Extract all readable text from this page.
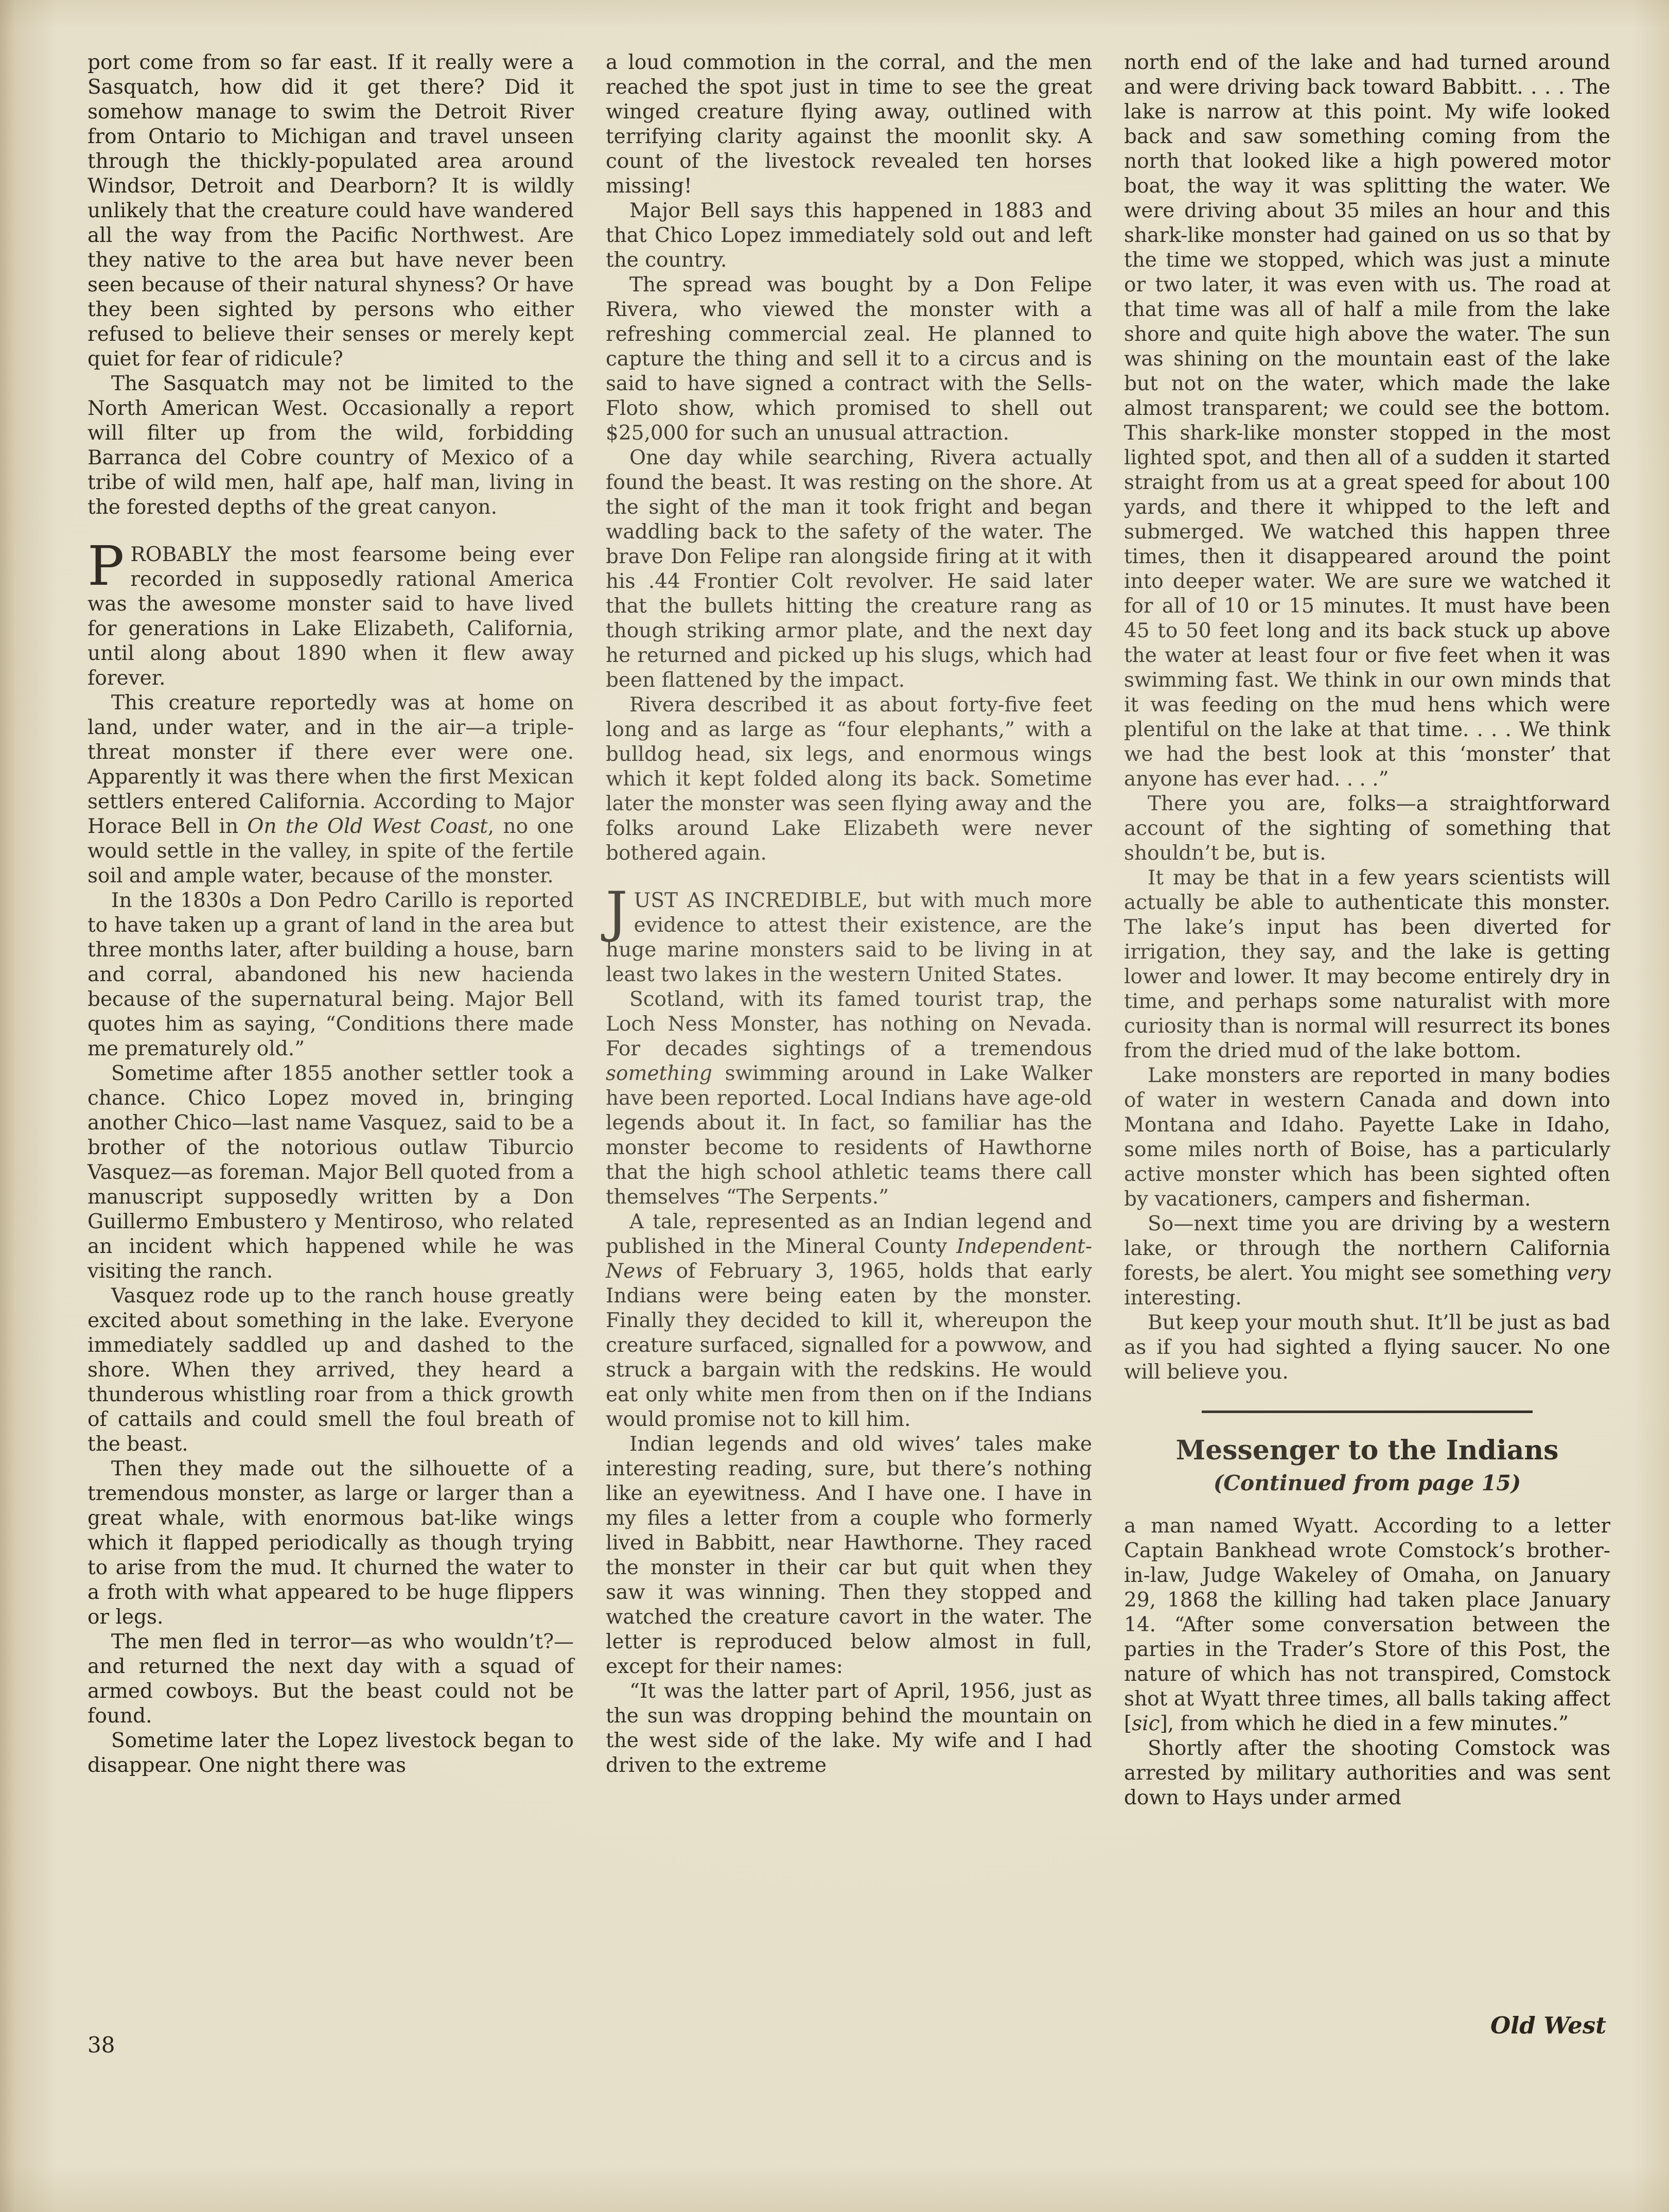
port come from so far east. If it really were a Sasquatch, how did it get there? Did it somehow manage to swim the Detroit River from Ontario to Michigan and travel unseen through the thickly-populated area around Windsor, Detroit and Dearborn? It is wildly unlikely that the creature could have wandered all the way from the Pacific Northwest. Are they native to the area but have never been seen because of their natural shyness? Or have they been sighted by persons who either refused to believe their senses or merely kept quiet for fear of ridicule?

The Sasquatch may not be limited to the North American West. Occasionally a report will filter up from the wild, forbidding Barranca del Cobre country of Mexico of a tribe of wild men, half ape, half man, living in the forested depths of the great canyon.

PROBABLY the most fearsome being ever recorded in supposedly rational America was the awesome monster said to have lived for generations in Lake Elizabeth, California, until along about 1890 when it flew away forever.

This creature reportedly was at home on land, under water, and in the air—a triple-threat monster if there ever were one. Apparently it was there when the first Mexican settlers entered California. According to Major Horace Bell in On the Old West Coast, no one would settle in the valley, in spite of the fertile soil and ample water, because of the monster.

In the 1830s a Don Pedro Carillo is reported to have taken up a grant of land in the area but three months later, after building a house, barn and corral, abandoned his new hacienda because of the supernatural being. Major Bell quotes him as saying, “Conditions there made me prematurely old.”

Sometime after 1855 another settler took a chance. Chico Lopez moved in, bringing another Chico—last name Vasquez, said to be a brother of the notorious outlaw Tiburcio Vasquez—as foreman. Major Bell quoted from a manuscript supposedly written by a Don Guillermo Embustero y Mentiroso, who related an incident which happened while he was visiting the ranch.

Vasquez rode up to the ranch house greatly excited about something in the lake. Everyone immediately saddled up and dashed to the shore. When they arrived, they heard a thunderous whistling roar from a thick growth of cattails and could smell the foul breath of the beast.

Then they made out the silhouette of a tremendous monster, as large or larger than a great whale, with enormous bat-like wings which it flapped periodically as though trying to arise from the mud. It churned the water to a froth with what appeared to be huge flippers or legs.

The men fled in terror—as who wouldn’t?—and returned the next day with a squad of armed cowboys. But the beast could not be found.

Sometime later the Lopez livestock began to disappear. One night there was

a loud commotion in the corral, and the men reached the spot just in time to see the great winged creature flying away, outlined with terrifying clarity against the moonlit sky. A count of the livestock revealed ten horses missing!

Major Bell says this happened in 1883 and that Chico Lopez immediately sold out and left the country.

The spread was bought by a Don Felipe Rivera, who viewed the monster with a refreshing commercial zeal. He planned to capture the thing and sell it to a circus and is said to have signed a contract with the Sells-Floto show, which promised to shell out $25,000 for such an unusual attraction.

One day while searching, Rivera actually found the beast. It was resting on the shore. At the sight of the man it took fright and began waddling back to the safety of the water. The brave Don Felipe ran alongside firing at it with his .44 Frontier Colt revolver. He said later that the bullets hitting the creature rang as though striking armor plate, and the next day he returned and picked up his slugs, which had been flattened by the impact.

Rivera described it as about forty-five feet long and as large as “four elephants,” with a bulldog head, six legs, and enormous wings which it kept folded along its back. Sometime later the monster was seen flying away and the folks around Lake Elizabeth were never bothered again.

JUST AS INCREDIBLE, but with much more evidence to attest their existence, are the huge marine monsters said to be living in at least two lakes in the western United States.

Scotland, with its famed tourist trap, the Loch Ness Monster, has nothing on Nevada. For decades sightings of a tremendous something swimming around in Lake Walker have been reported. Local Indians have age-old legends about it. In fact, so familiar has the monster become to residents of Hawthorne that the high school athletic teams there call themselves “The Serpents.”

A tale, represented as an Indian legend and published in the Mineral County Independent-News of February 3, 1965, holds that early Indians were being eaten by the monster. Finally they decided to kill it, whereupon the creature surfaced, signalled for a powwow, and struck a bargain with the redskins. He would eat only white men from then on if the Indians would promise not to kill him.

Indian legends and old wives’ tales make interesting reading, sure, but there’s nothing like an eyewitness. And I have one. I have in my files a letter from a couple who formerly lived in Babbitt, near Hawthorne. They raced the monster in their car but quit when they saw it was winning. Then they stopped and watched the creature cavort in the water. The letter is reproduced below almost in full, except for their names:

“It was the latter part of April, 1956, just as the sun was dropping behind the mountain on the west side of the lake. My wife and I had driven to the extreme

north end of the lake and had turned around and were driving back toward Babbitt. . . . The lake is narrow at this point. My wife looked back and saw something coming from the north that looked like a high powered motor boat, the way it was splitting the water. We were driving about 35 miles an hour and this shark-like monster had gained on us so that by the time we stopped, which was just a minute or two later, it was even with us. The road at that time was all of half a mile from the lake shore and quite high above the water. The sun was shining on the mountain east of the lake but not on the water, which made the lake almost transparent; we could see the bottom. This shark-like monster stopped in the most lighted spot, and then all of a sudden it started straight from us at a great speed for about 100 yards, and there it whipped to the left and submerged. We watched this happen three times, then it disappeared around the point into deeper water. We are sure we watched it for all of 10 or 15 minutes. It must have been 45 to 50 feet long and its back stuck up above the water at least four or five feet when it was swimming fast. We think in our own minds that it was feeding on the mud hens which were plentiful on the lake at that time. . . . We think we had the best look at this ‘monster’ that anyone has ever had. . . .”

There you are, folks—a straightforward account of the sighting of something that shouldn’t be, but is.

It may be that in a few years scientists will actually be able to authenticate this monster. The lake’s input has been diverted for irrigation, they say, and the lake is getting lower and lower. It may become entirely dry in time, and perhaps some naturalist with more curiosity than is normal will resurrect its bones from the dried mud of the lake bottom.

Lake monsters are reported in many bodies of water in western Canada and down into Montana and Idaho. Payette Lake in Idaho, some miles north of Boise, has a particularly active monster which has been sighted often by vacationers, campers and fisherman.

So—next time you are driving by a western lake, or through the northern California forests, be alert. You might see something very interesting.

But keep your mouth shut. It’ll be just as bad as if you had sighted a flying saucer. No one will believe you.

Messenger to the Indians
(Continued from page 15)

a man named Wyatt. According to a letter Captain Bankhead wrote Comstock’s brother-in-law, Judge Wakeley of Omaha, on January 29, 1868 the killing had taken place January 14. “After some conversation between the parties in the Trader’s Store of this Post, the nature of which has not transpired, Comstock shot at Wyatt three times, all balls taking affect [sic], from which he died in a few minutes.”

Shortly after the shooting Comstock was arrested by military authorities and was sent down to Hays under armed

38
Old West
